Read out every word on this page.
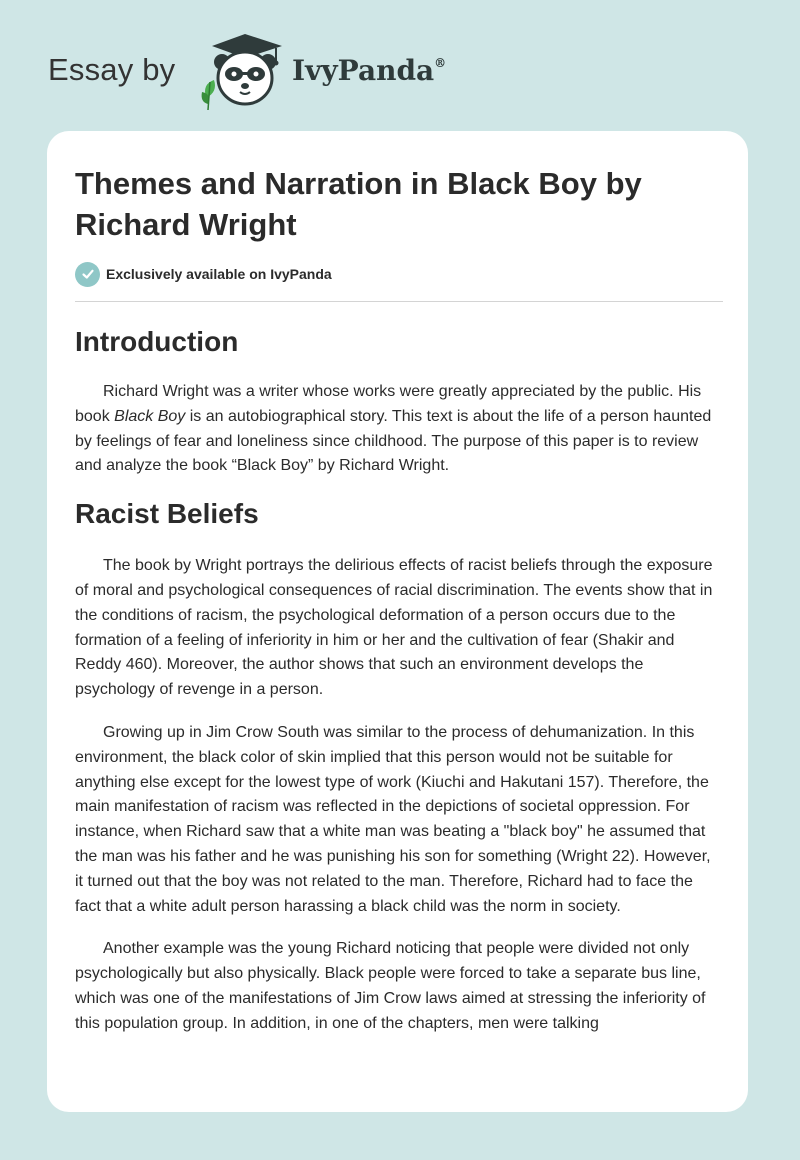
Essay by	IvyPanda®
Themes and Narration in Black Boy by Richard Wright
Exclusively available on IvyPanda
Introduction

Richard Wright was a writer whose works were greatly appreciated by the public. His book Black Boy is an autobiographical story. This text is about the life of a person haunted by feelings of fear and loneliness since childhood. The purpose of this paper is to review and analyze the book “Black Boy” by Richard Wright.

Racist Beliefs

The book by Wright portrays the delirious effects of racist beliefs through the exposure of moral and psychological consequences of racial discrimination. The events show that in the conditions of racism, the psychological deformation of a person occurs due to the formation of a feeling of inferiority in him or her and the cultivation of fear (Shakir and Reddy 460). Moreover, the author shows that such an environment develops the psychology of revenge in a person.

Growing up in Jim Crow South was similar to the process of dehumanization. In this environment, the black color of skin implied that this person would not be suitable for anything else except for the lowest type of work (Kiuchi and Hakutani 157). Therefore, the main manifestation of racism was reflected in the depictions of societal oppression. For instance, when Richard saw that a white man was beating a "black boy" he assumed that the man was his father and he was punishing his son for something (Wright 22). However, it turned out that the boy was not related to the man. Therefore, Richard had to face the fact that a white adult person harassing a black child was the norm in society.

Another example was the young Richard noticing that people were divided not only psychologically but also physically. Black people were forced to take a separate bus line, which was one of the manifestations of Jim Crow laws aimed at stressing the inferiority of this population group. In addition, in one of the chapters, men were talking
